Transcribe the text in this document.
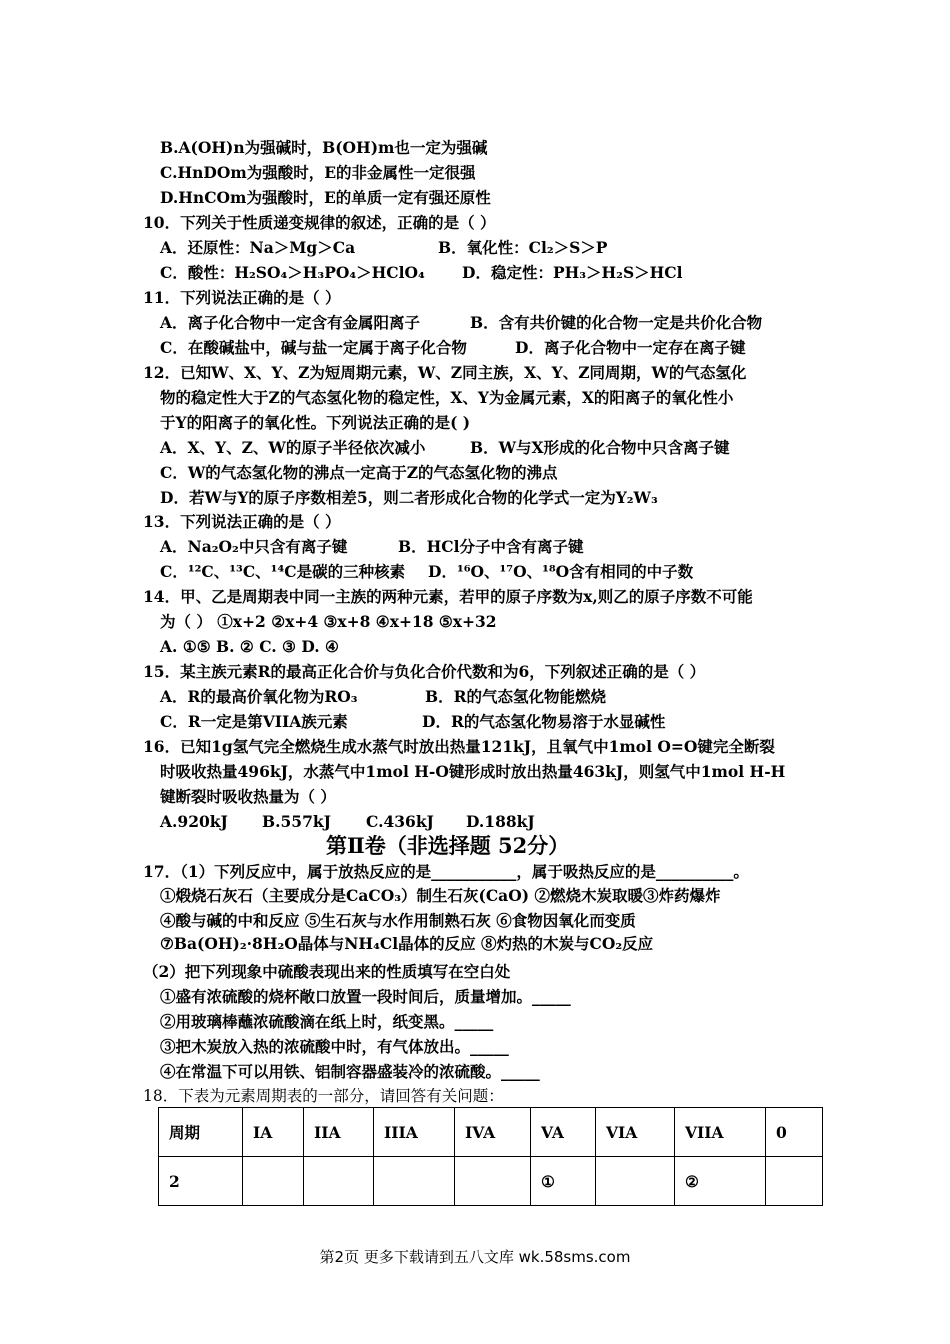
B.A(OH)n为强碱时，B(OH)m也一定为强碱
C.HnDOm为强酸时，E的非金属性一定很强
D.HnCOm为强酸时，E的单质一定有强还原性
10．下列关于性质递变规律的叙述，正确的是（ ）
A．还原性：Na＞Mg＞Ca	B．氧化性：Cl₂＞S＞P
C．酸性：H₂SO₄＞H₃PO₄＞HClO₄ D．稳定性：PH₃＞H₂S＞HCl
11．下列说法正确的是（ ）
A．离子化合物中一定含有金属阳离子	B．含有共价键的化合物一定是共价化合物
C．在酸碱盐中，碱与盐一定属于离子化合物	D．离子化合物中一定存在离子键
12．已知W、X、Y、Z为短周期元素，W、Z同主族，X、Y、Z同周期，W的气态氢化
物的稳定性大于Z的气态氢化物的稳定性，X、Y为金属元素，X的阳离子的氧化性小
于Y的阳离子的氧化性。下列说法正确的是( )
A．X、Y、Z、W的原子半径依次减小	B．W与X形成的化合物中只含离子键
C．W的气态氢化物的沸点一定高于Z的气态氢化物的沸点
D．若W与Y的原子序数相差5，则二者形成化合物的化学式一定为Y₂W₃
13．下列说法正确的是（ ）
A．Na₂O₂中只含有离子键	B．HCl分子中含有离子键
C．¹²C、¹³C、¹⁴C是碳的三种核素 D．¹⁶O、¹⁷O、¹⁸O含有相同的中子数
14．甲、乙是周期表中同一主族的两种元素，若甲的原子序数为x,则乙的原子序数不可能
为（ ） ①x+2 ②x+4 ③x+8 ④x+18 ⑤x+32
A. ①⑤ B. ② C. ③ D. ④
15．某主族元素R的最高正化合价与负化合价代数和为6，下列叙述正确的是（ ）
A．R的最高价氧化物为RO₃	B．R的气态氢化物能燃烧
C．R一定是第VIIA族元素	D．R的气态氢化物易溶于水显碱性
16．已知1g氢气完全燃烧生成水蒸气时放出热量121kJ，且氧气中1mol O=O键完全断裂
时吸收热量496kJ，水蒸气中1mol H-O键形成时放出热量463kJ，则氢气中1mol H-H
键断裂时吸收热量为（ ）
A.920kJ B.557kJ C.436kJ D.188kJ
第Ⅱ卷（非选择题 52分）
17．（1）下列反应中，属于放热反应的是___________，属于吸热反应的是__________。
①煅烧石灰石（主要成分是CaCO₃）制生石灰(CaO) ②燃烧木炭取暖③炸药爆炸
④酸与碱的中和反应 ⑤生石灰与水作用制熟石灰 ⑥食物因氧化而变质
⑦Ba(OH)₂·8H₂O晶体与NH₄Cl晶体的反应 ⑧灼热的木炭与CO₂反应
（2）把下列现象中硫酸表现出来的性质填写在空白处
①盛有浓硫酸的烧杯敞口放置一段时间后，质量增加。_____
②用玻璃棒蘸浓硫酸滴在纸上时，纸变黑。_____
③把木炭放入热的浓硫酸中时，有气体放出。_____
④在常温下可以用铁、铝制容器盛装冷的浓硫酸。_____
18．下表为元素周期表的一部分，请回答有关问题：
周期	IA	IIA	IIIA	IVA	VA	VIA	VIIA	0
2					①		②	
第2页 更多下载请到五八文库 wk.58sms.com
